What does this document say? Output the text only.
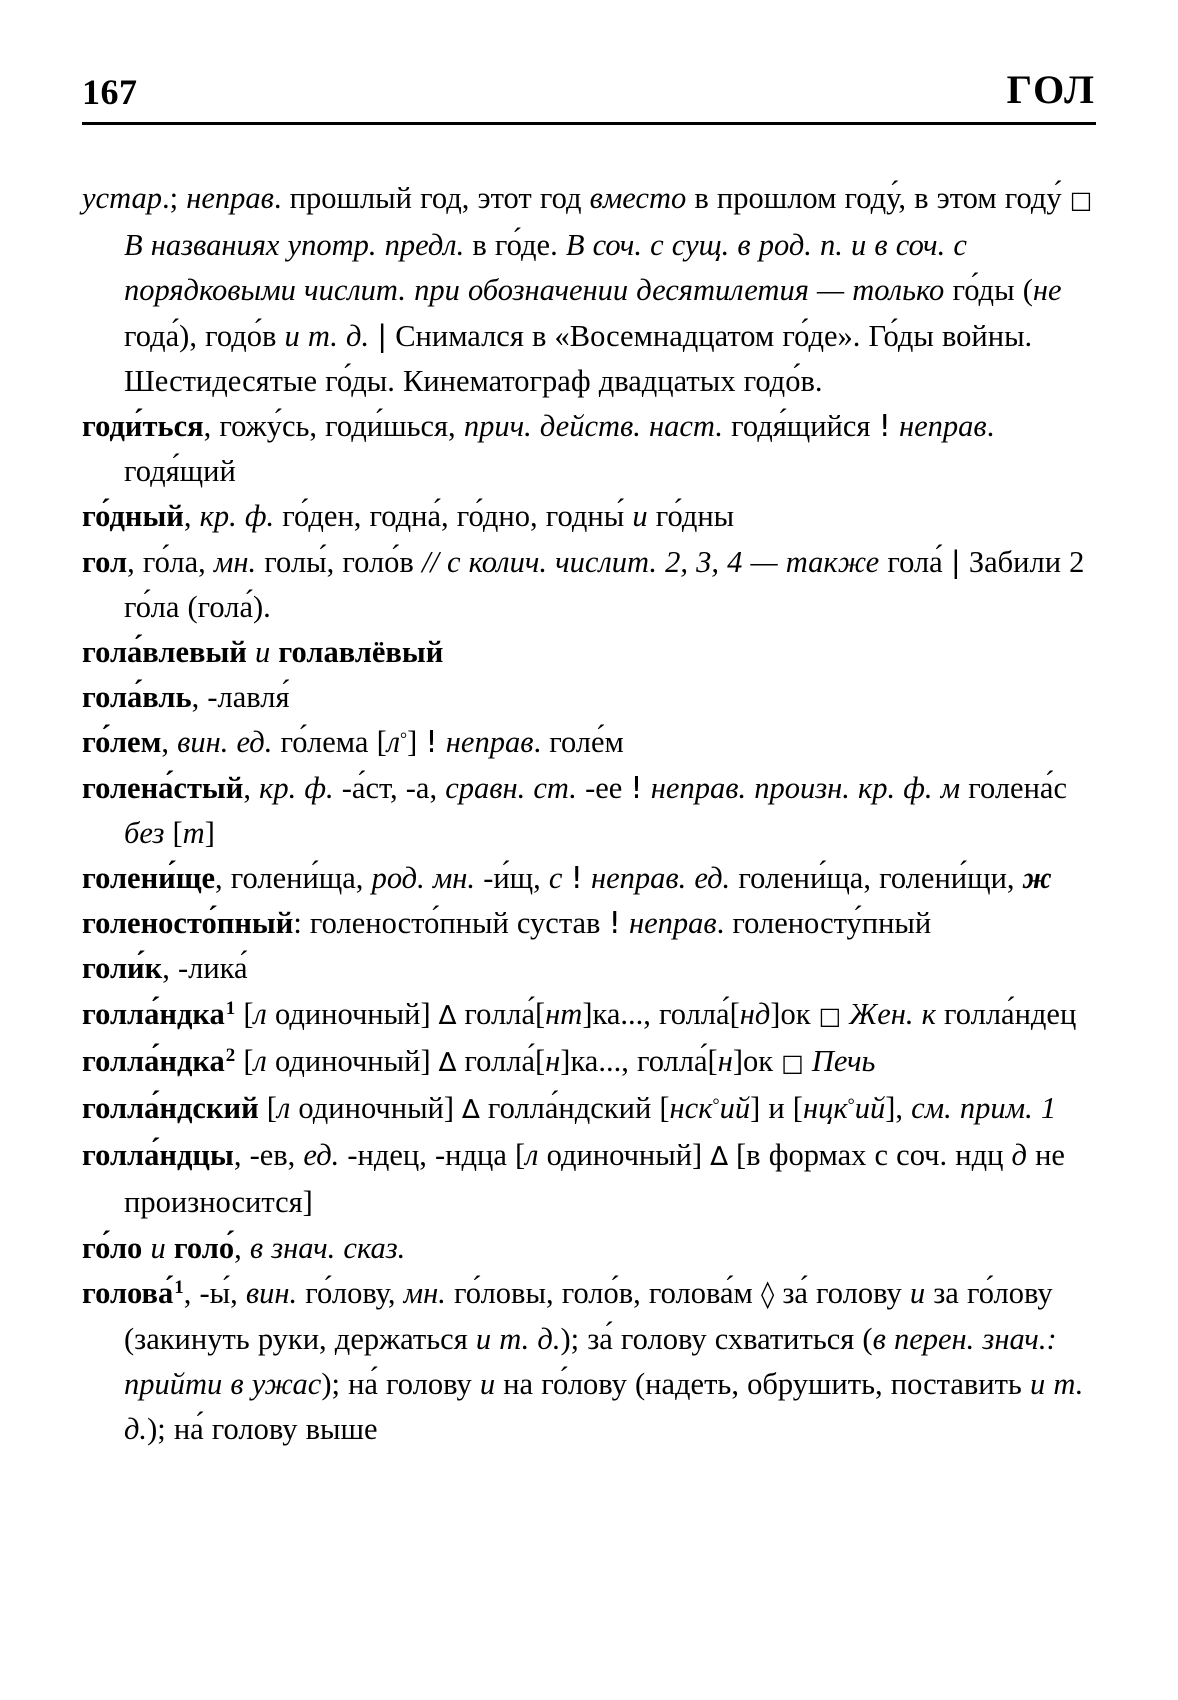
167	ГОЛ

устар.; неправ. прошлый год, этот год вместо в прошлом году́, в этом году́ □ В названиях употр. предл. в го́де. В соч. с сущ. в род. п. и в соч. с порядковыми числит. при обозначении десятилетия — только го́ды (не года́), годо́в и т. д. | Снимался в «Восемнадцатом го́де». Го́ды войны. Шестидесятые го́ды. Кинематограф двадцатых годо́в.

годи́ться, гожу́сь, годи́шься, прич. действ. наст. годя́щийся ! неправ. годя́щий

го́дный, кр. ф. го́ден, годна́, го́дно, годны́ и го́дны

гол, го́ла, мн. голы́, голо́в // с колич. числит. 2, 3, 4 — также гола́ | Забили 2 го́ла (гола́).

гола́влевый и голавлёвый

гола́вль, -лавля́

го́лем, вин. ед. го́лема [л°] ! неправ. голе́м

голена́стый, кр. ф. -а́ст, -а, сравн. ст. -ее ! неправ. произн. кр. ф. м голена́с без [т]

голени́ще, голени́ща, род. мн. -и́щ, с ! неправ. ед. голени́ща, голени́щи, ж

голеносто́пный: голеносто́пный сустав ! неправ. голеносту́пный

голи́к, -лика́

голла́ндка$^1$ [л одиночный] ∆ голла́[нт]ка..., голла́[нд]ок □ Жен. к голла́ндец

голла́ндка$^2$ [л одиночный] ∆ голла́[н]ка..., голла́[н]ок □ Печь

голла́ндский [л одиночный] ∆ голла́ндский [нск°ий] и [нцк°ий], см. прим. 1

голла́ндцы, -ев, ед. -ндец, -ндца [л одиночный] ∆ [в формах с соч. ндц д не произносится]

го́ло и голо́, в знач. сказ.

голова́$^1$, -ы́, вин. го́лову, мн. го́ловы, голо́в, голова́м ◊ за́ голову и за го́лову (закинуть руки, держаться и т. д.); за́ голову схватиться (в перен. знач.: прийти в ужас); на́ голову и на го́лову (надеть, обрушить, поставить и т. д.); на́ голову выше
